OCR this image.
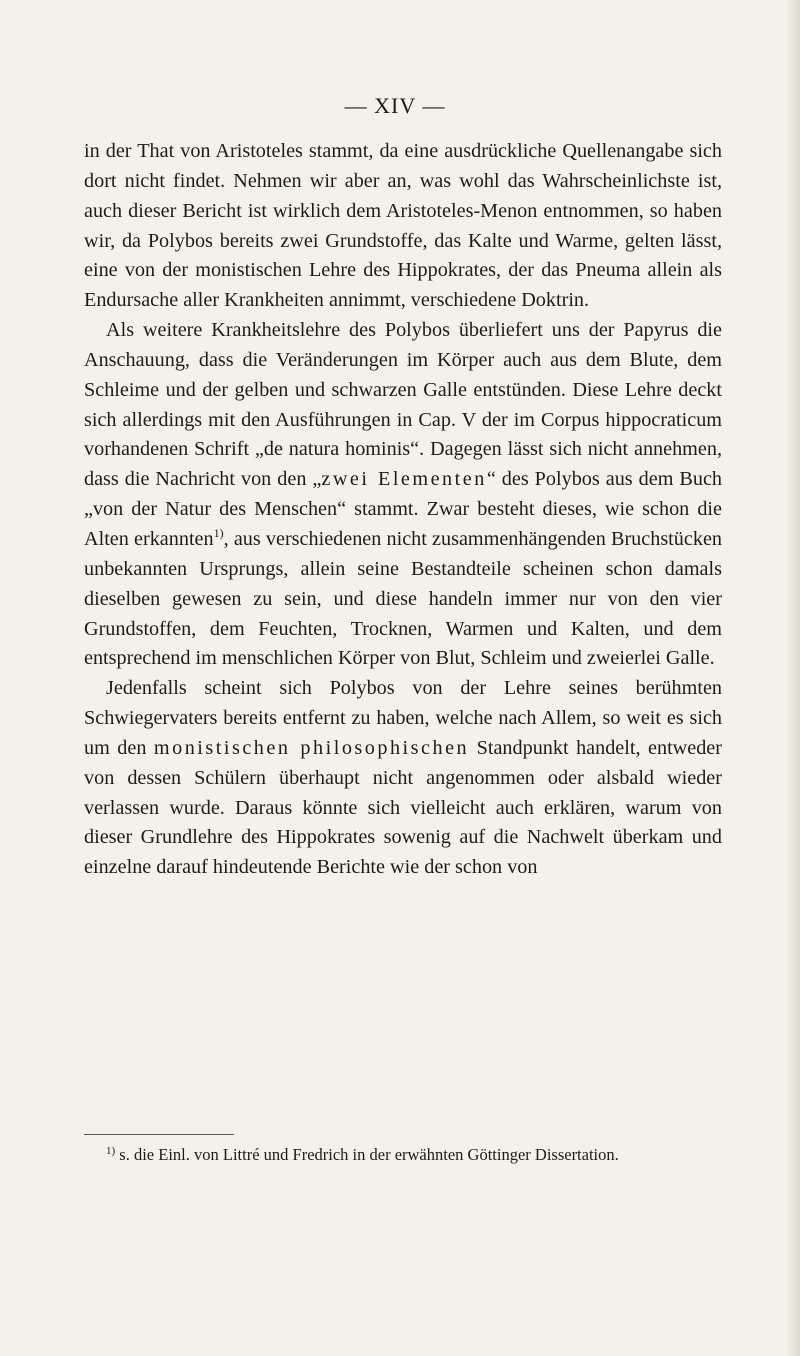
— XIV —

in der That von Aristoteles stammt, da eine ausdrückliche Quellenangabe sich dort nicht findet. Nehmen wir aber an, was wohl das Wahrscheinlichste ist, auch dieser Bericht ist wirklich dem Aristoteles-Menon entnommen, so haben wir, da Polybos bereits zwei Grundstoffe, das Kalte und Warme, gelten lässt, eine von der monistischen Lehre des Hippokrates, der das Pneuma allein als Endursache aller Krankheiten annimmt, verschiedene Doktrin.

Als weitere Krankheitslehre des Polybos überliefert uns der Papyrus die Anschauung, dass die Veränderungen im Körper auch aus dem Blute, dem Schleime und der gelben und schwarzen Galle entstünden. Diese Lehre deckt sich allerdings mit den Ausführungen in Cap. V der im Corpus hippocraticum vorhandenen Schrift „de natura hominis“. Dagegen lässt sich nicht annehmen, dass die Nachricht von den „zwei Elementen“ des Polybos aus dem Buch „von der Natur des Menschen“ stammt. Zwar besteht dieses, wie schon die Alten erkannten$^{1)}$, aus verschiedenen nicht zusammenhängenden Bruchstücken unbekannten Ursprungs, allein seine Bestandteile scheinen schon damals dieselben gewesen zu sein, und diese handeln immer nur von den vier Grundstoffen, dem Feuchten, Trocknen, Warmen und Kalten, und dem entsprechend im menschlichen Körper von Blut, Schleim und zweierlei Galle.

Jedenfalls scheint sich Polybos von der Lehre seines berühmten Schwiegervaters bereits entfernt zu haben, welche nach Allem, so weit es sich um den monistischen philosophischen Standpunkt handelt, entweder von dessen Schülern überhaupt nicht angenommen oder alsbald wieder verlassen wurde. Daraus könnte sich vielleicht auch erklären, warum von dieser Grundlehre des Hippokrates sowenig auf die Nachwelt überkam und einzelne darauf hindeutende Berichte wie der schon von

$^{1)}$ s. die Einl. von Littré und Fredrich in der erwähnten Göttinger Dissertation.
